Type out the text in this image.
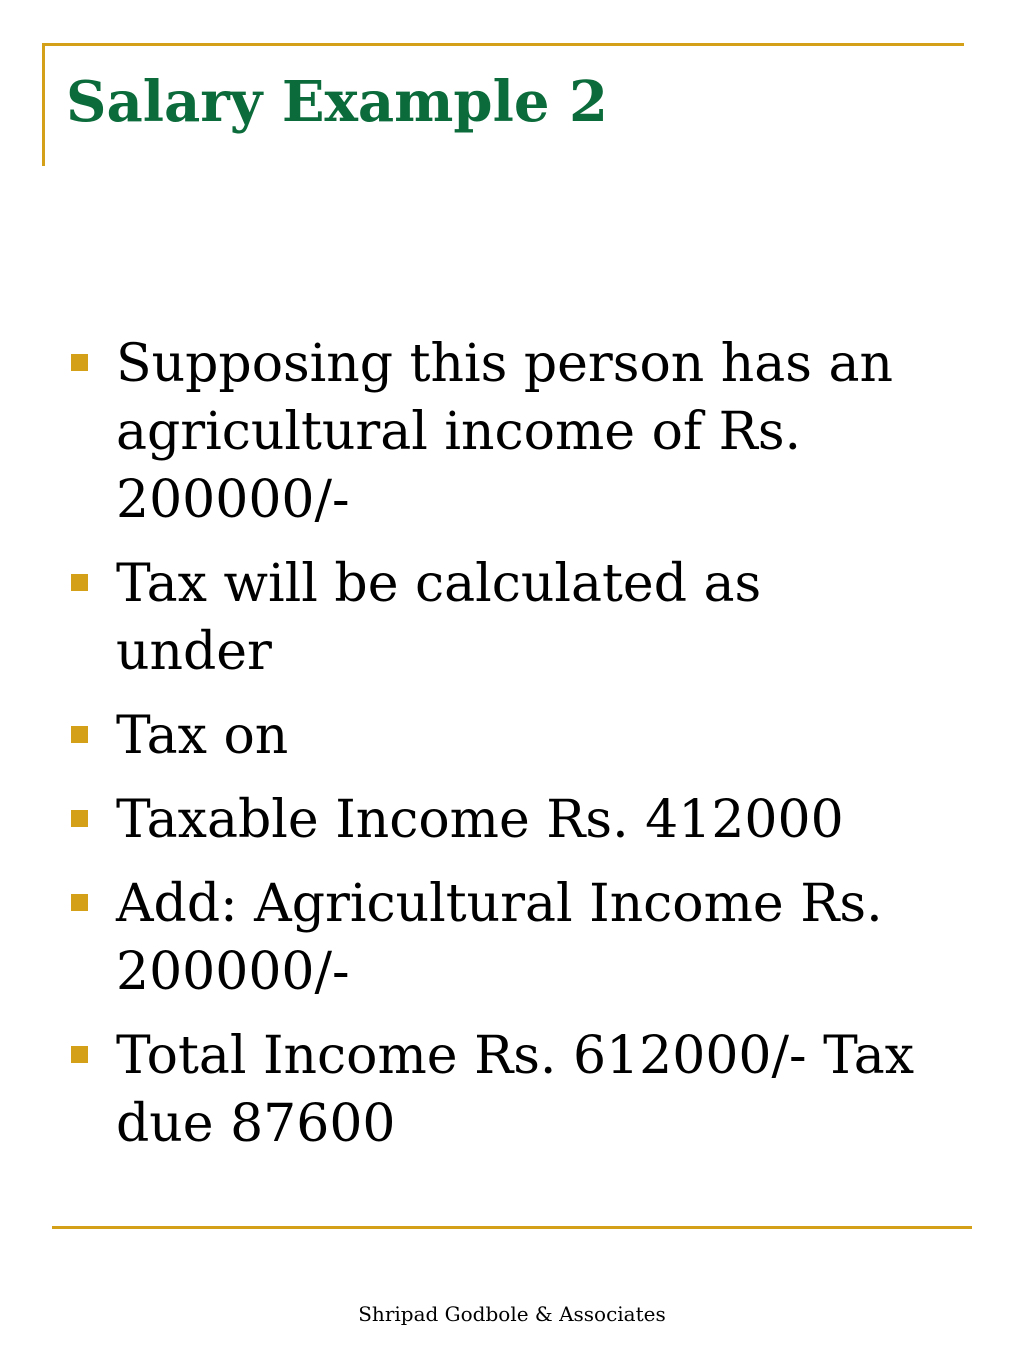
Salary Example 2
Supposing this person has an agricultural income of Rs. 200000/-
Tax will be calculated as under
Tax on
Taxable Income Rs. 412000
Add: Agricultural Income Rs. 200000/-
Total Income Rs. 612000/- Tax due 87600
Shripad Godbole & Associates
